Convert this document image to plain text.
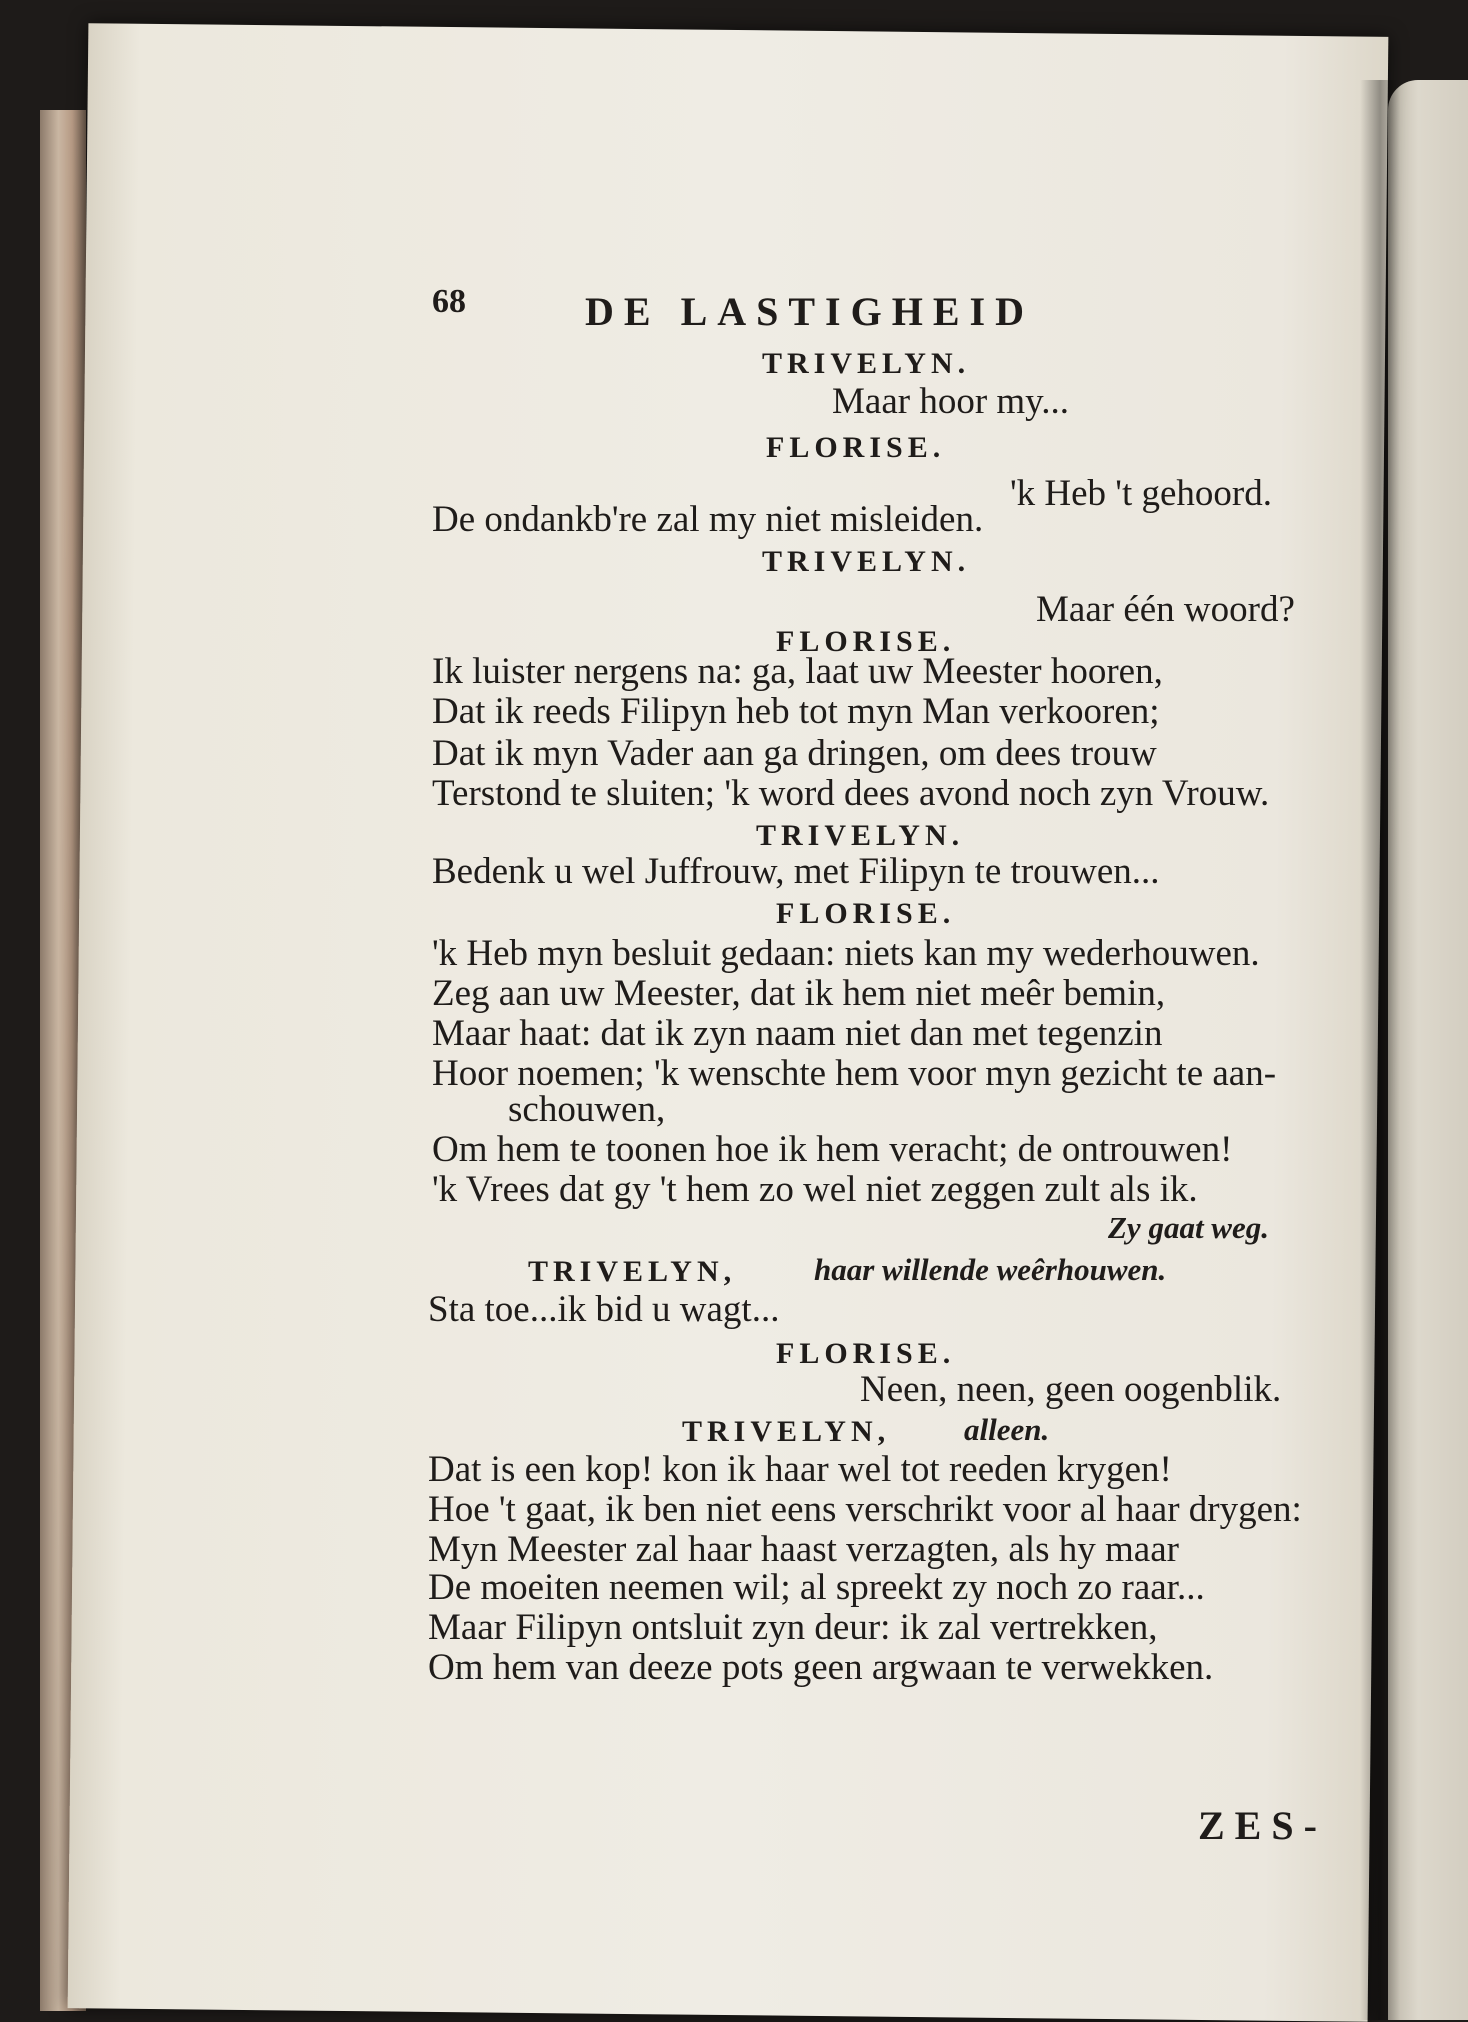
68	DE LASTIGHEID
TRIVELYN.
Maar hoor my...
FLORISE.
'k Heb 't gehoord.
De ondankb're zal my niet misleiden.
TRIVELYN.
Maar één woord?
FLORISE.
Ik luister nergens na: ga, laat uw Meester hooren,
Dat ik reeds Filipyn heb tot myn Man verkooren;
Dat ik myn Vader aan ga dringen, om dees trouw
Terstond te sluiten; 'k word dees avond noch zyn Vrouw.
TRIVELYN.
Bedenk u wel Juffrouw, met Filipyn te trouwen...
FLORISE.
'k Heb myn besluit gedaan: niets kan my wederhouwen.
Zeg aan uw Meester, dat ik hem niet meêr bemin,
Maar haat: dat ik zyn naam niet dan met tegenzin
Hoor noemen; 'k wenschte hem voor myn gezicht te aan-
schouwen,
Om hem te toonen hoe ik hem veracht; de ontrouwen!
'k Vrees dat gy 't hem zo wel niet zeggen zult als ik.
Zy gaat weg.
TRIVELYN,	haar willende weêrhouwen.
Sta toe...ik bid u wagt...
FLORISE.
Neen, neen, geen oogenblik.
TRIVELYN, alleen.
Dat is een kop! kon ik haar wel tot reeden krygen!
Hoe 't gaat, ik ben niet eens verschrikt voor al haar drygen:
Myn Meester zal haar haast verzagten, als hy maar
De moeiten neemen wil; al spreekt zy noch zo raar...
Maar Filipyn ontsluit zyn deur: ik zal vertrekken,
Om hem van deeze pots geen argwaan te verwekken.
ZES-
